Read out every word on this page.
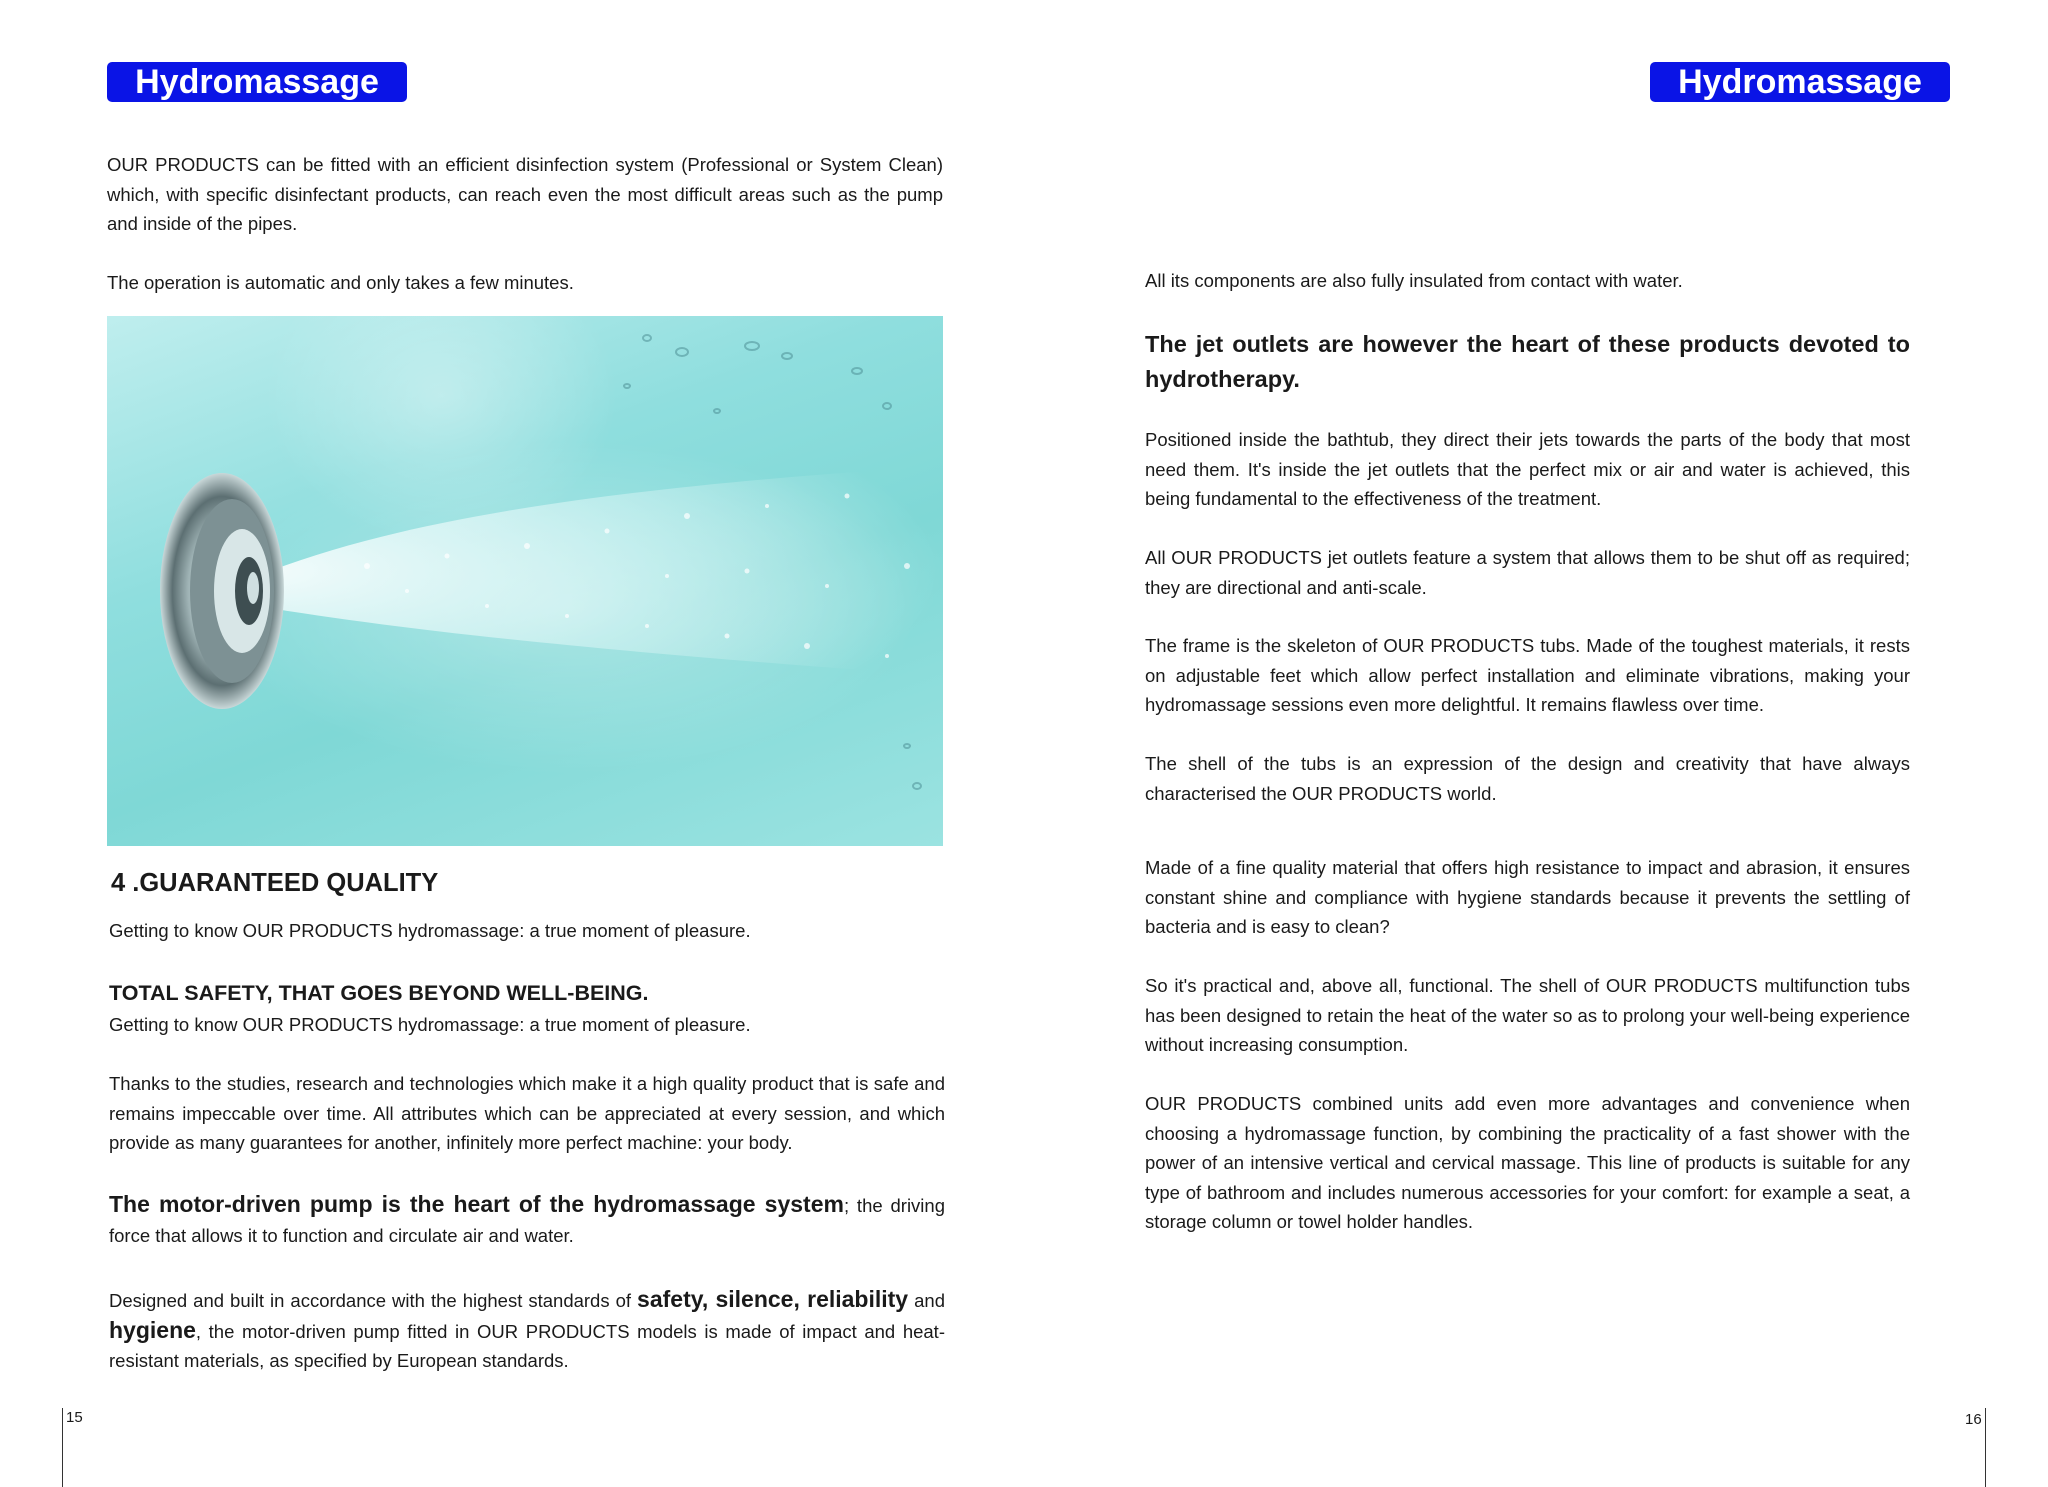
Hydromassage

OUR PRODUCTS can be fitted with an efficient disinfection system (Professional or System Clean) which, with specific disinfectant products, can reach even the most difficult areas such as the pump and inside of the pipes.

The operation is automatic and only takes a few minutes.

4 .GUARANTEED QUALITY

Getting to know OUR PRODUCTS hydromassage: a true moment of pleasure.

TOTAL SAFETY, THAT GOES BEYOND WELL-BEING.

Getting to know OUR PRODUCTS hydromassage: a true moment of pleasure.

Thanks to the studies, research and technologies which make it a high quality product that is safe and remains impeccable over time. All attributes which can be appreciated at every session, and which provide as many guarantees for another, infinitely more perfect machine: your body.

The motor-driven pump is the heart of the hydromassage system; the driving force that allows it to function and circulate air and water.

Designed and built in accordance with the highest standards of safety, silence, reliability and hygiene, the motor-driven pump fitted in OUR PRODUCTS models is made of impact and heat-resistant materials, as specified by European standards.

15
Hydromassage

All its components are also fully insulated from contact with water.

The jet outlets are however the heart of these products devoted to hydrotherapy.

Positioned inside the bathtub, they direct their jets towards the parts of the body that most need them. It's inside the jet outlets that the perfect mix or air and water is achieved, this being fundamental to the effectiveness of the treatment.

All OUR PRODUCTS jet outlets feature a system that allows them to be shut off as required; they are directional and anti-scale.

The frame is the skeleton of OUR PRODUCTS tubs. Made of the toughest materials, it rests on adjustable feet which allow perfect installation and eliminate vibrations, making your hydromassage sessions even more delightful. It remains flawless over time.

The shell of the tubs is an expression of the design and creativity that have always characterised the OUR PRODUCTS world.

Made of a fine quality material that offers high resistance to impact and abrasion, it ensures constant shine and compliance with hygiene standards because it prevents the settling of bacteria and is easy to clean?

So it's practical and, above all, functional. The shell of OUR PRODUCTS multifunction tubs has been designed to retain the heat of the water so as to prolong your well-being experience without increasing consumption.

OUR PRODUCTS combined units add even more advantages and convenience when choosing a hydromassage function, by combining the practicality of a fast shower with the power of an intensive vertical and cervical massage. This line of products is suitable for any type of bathroom and includes numerous accessories for your comfort: for example a seat, a storage column or towel holder handles.

16
